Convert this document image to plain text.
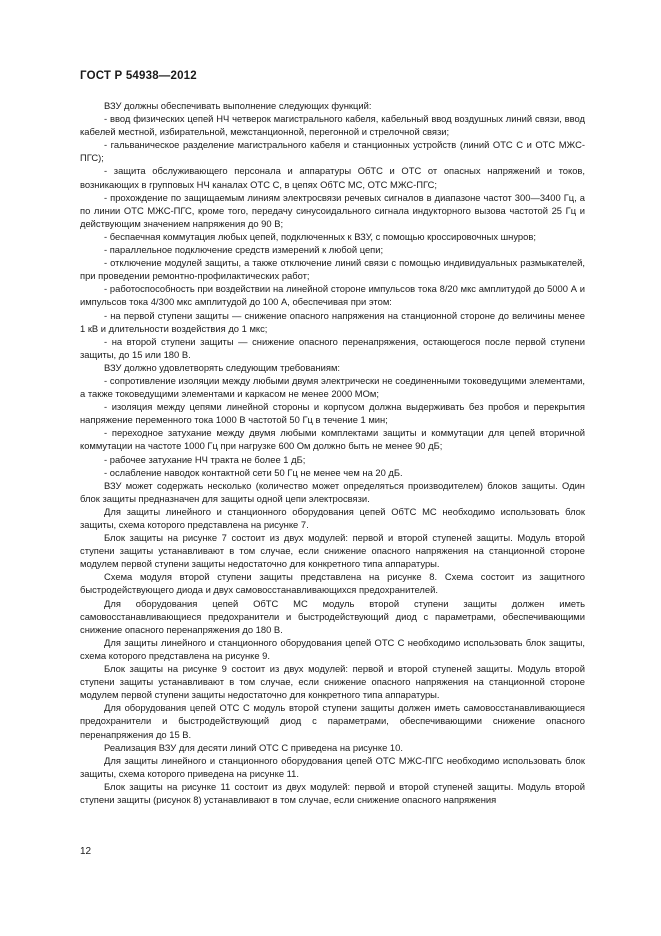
ГОСТ Р 54938—2012

ВЗУ должны обеспечивать выполнение следующих функций:

- ввод физических цепей НЧ четверок магистрального кабеля, кабельный ввод воздушных линий связи, ввод кабелей местной, избирательной, межстанционной, перегонной и стрелочной связи;

- гальваническое разделение магистрального кабеля и станционных устройств (линий ОТС С и ОТС МЖС-ПГС);

- защита обслуживающего персонала и аппаратуры ОбТС и ОТС от опасных напряжений и токов, возникающих в групповых НЧ каналах ОТС С, в цепях ОбТС МС, ОТС МЖС-ПГС;

- прохождение по защищаемым линиям электросвязи речевых сигналов в диапазоне частот 300—3400 Гц, а по линии ОТС МЖС-ПГС, кроме того, передачу синусоидального сигнала индукторного вызова частотой 25 Гц и действующим значением напряжения до 90 В;

- беспаечная коммутация любых цепей, подключенных к ВЗУ, с помощью кроссировочных шнуров;

- параллельное подключение средств измерений к любой цепи;

- отключение модулей защиты, а также отключение линий связи с помощью индивидуальных размыкателей, при проведении ремонтно-профилактических работ;

- работоспособность при воздействии на линейной стороне импульсов тока 8/20 мкс амплитудой до 5000 А и импульсов тока 4/300 мкс амплитудой до 100 А, обеспечивая при этом:

- на первой ступени защиты — снижение опасного напряжения на станционной стороне до величины менее 1 кВ и длительности воздействия до 1 мкс;

- на второй ступени защиты — снижение опасного перенапряжения, остающегося после первой ступени защиты, до 15 или 180 В.

ВЗУ должно удовлетворять следующим требованиям:

- сопротивление изоляции между любыми двумя электрически не соединенными токоведущими элементами, а также токоведущими элементами и каркасом не менее 2000 МОм;

- изоляция между цепями линейной стороны и корпусом должна выдерживать без пробоя и перекрытия напряжение переменного тока 1000 В частотой 50 Гц в течение 1 мин;

- переходное затухание между двумя любыми комплектами защиты и коммутации для цепей вторичной коммутации на частоте 1000 Гц при нагрузке 600 Ом должно быть не менее 90 дБ;

- рабочее затухание НЧ тракта не более 1 дБ;

- ослабление наводок контактной сети 50 Гц не менее чем на 20 дБ.

ВЗУ может содержать несколько (количество может определяться производителем) блоков защиты. Один блок защиты предназначен для защиты одной цепи электросвязи.

Для защиты линейного и станционного оборудования цепей ОбТС МС необходимо использовать блок защиты, схема которого представлена на рисунке 7.

Блок защиты на рисунке 7 состоит из двух модулей: первой и второй ступеней защиты. Модуль второй ступени защиты устанавливают в том случае, если снижение опасного напряжения на станционной стороне модулем первой ступени защиты недостаточно для конкретного типа аппаратуры.

Схема модуля второй ступени защиты представлена на рисунке 8. Схема состоит из защитного быстродействующего диода и двух самовосстанавливающихся предохранителей.

Для оборудования цепей ОбТС МС модуль второй ступени защиты должен иметь самовосстанавливающиеся предохранители и быстродействующий диод с параметрами, обеспечивающими снижение опасного перенапряжения до 180 В.

Для защиты линейного и станционного оборудования цепей ОТС С необходимо использовать блок защиты, схема которого представлена на рисунке 9.

Блок защиты на рисунке 9 состоит из двух модулей: первой и второй ступеней защиты. Модуль второй ступени защиты устанавливают в том случае, если снижение опасного напряжения на станционной стороне модулем первой ступени защиты недостаточно для конкретного типа аппаратуры.

Для оборудования цепей ОТС С модуль второй ступени защиты должен иметь самовосстанавливающиеся предохранители и быстродействующий диод с параметрами, обеспечивающими снижение опасного перенапряжения до 15 В.

Реализация ВЗУ для десяти линий ОТС С приведена на рисунке 10.

Для защиты линейного и станционного оборудования цепей ОТС МЖС-ПГС необходимо использовать блок защиты, схема которого приведена на рисунке 11.

Блок защиты на рисунке 11 состоит из двух модулей: первой и второй ступеней защиты. Модуль второй ступени защиты (рисунок 8) устанавливают в том случае, если снижение опасного напряжения

12
